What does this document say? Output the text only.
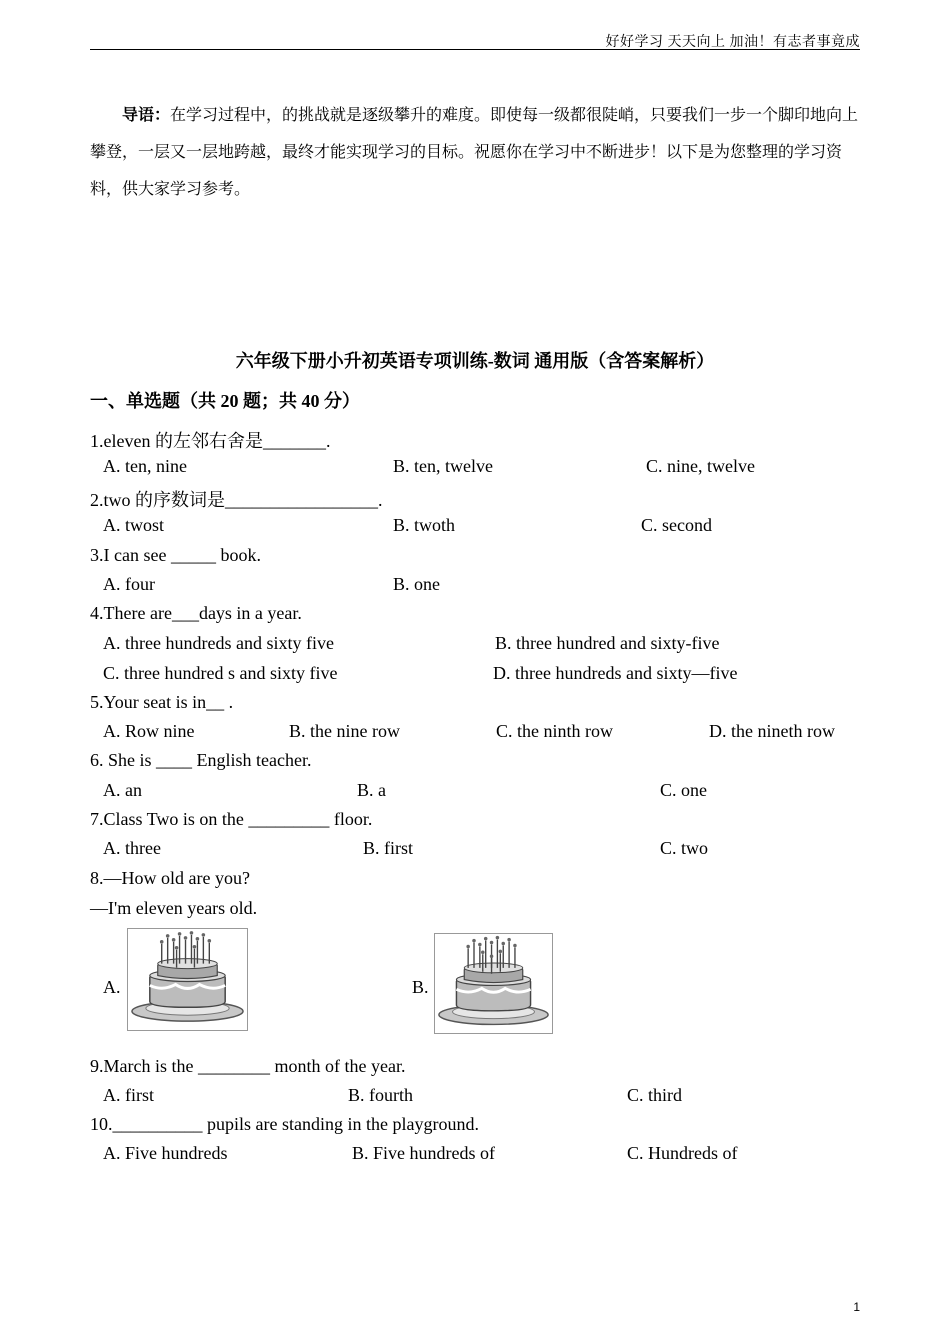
好好学习 天天向上 加油！有志者事竟成
导语：在学习过程中，的挑战就是逐级攀升的难度。即使每一级都很陡峭，只要我们一步一个脚印地向上攀登，一层又一层地跨越，最终才能实现学习的目标。祝愿你在学习中不断进步！以下是为您整理的学习资料，供大家学习参考。
六年级下册小升初英语专项训练-数词 通用版（含答案解析）
一、单选题（共 20 题；共 40 分）
1.eleven 的左邻右舍是_______.
A. ten, nine	B. ten, twelve	C. nine, twelve
2.two 的序数词是_________________.
A. twost	B. twoth	C. second
3.I can see _____ book.
A. four	B. one
4.There are___days in a year.
A. three hundreds and sixty five	B. three hundred and sixty-five
C. three hundred s and sixty five	D. three hundreds and sixty—five
5.Your seat is in__ .
A. Row nine	B. the nine row	C. the ninth row	D. the nineth row
6. She is ____ English teacher.
A. an	B. a	C. one
7.Class Two is on the _________ floor.
A. three	B. first	C. two
8.—How old are you?
—I'm eleven years old.
A.	B.
9.March is the ________ month of the year.
A. first	B. fourth	C. third
10.__________ pupils are standing in the playground.
A. Five hundreds	B. Five hundreds of	C. Hundreds of
1
